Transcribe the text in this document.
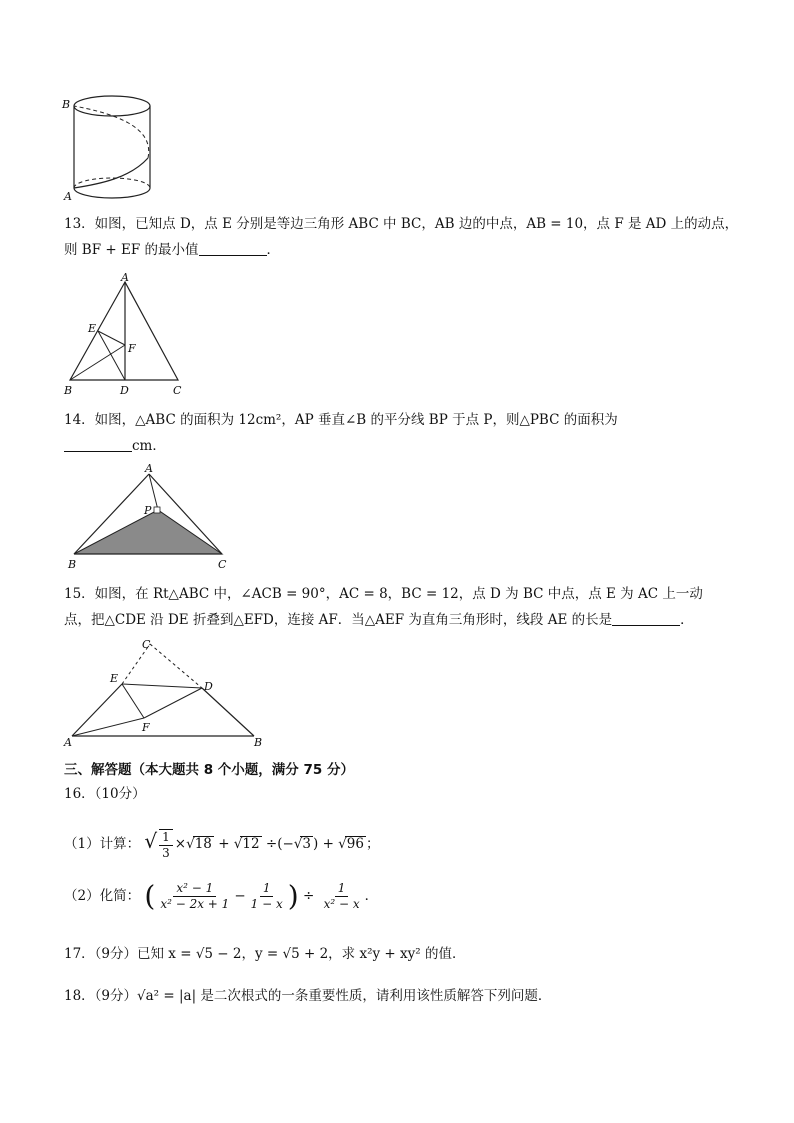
B
A
13．如图，已知点 D，点 E 分别是等边三角形 ABC 中 BC，AB 边的中点，AB = 10，点 F 是 AD 上的动点，
则 BF + EF 的最小值	．
A
E
F
B	D	C
14．如图，△ABC 的面积为 12cm²，AP 垂直∠B 的平分线 BP 于点 P，则△PBC 的面积为
cm．
A
P
B	C
15．如图，在 Rt△ABC 中，∠ACB = 90°，AC = 8，BC = 12，点 D 为 BC 中点，点 E 为 AC 上一动
点，把△CDE 沿 DE 折叠到△EFD，连接 AF．当△AEF 为直角三角形时，线段 AE 的长是	．
C
E
D
F
A	B
三、解答题（本大题共 8 个小题，满分 75 分）
16．（10分）
（1）计算： √ $\frac{1}{3} \times√18 + √12 \div(-√3$ ) + √96 ；
（2）化简： ( $\frac{\text{x² − 1}}{\text{x² − 2x + 1}} - \frac{1}{1 - x}$ ) ÷ $\frac{1}{\text{x² − x}}$ ．
17．（9分）已知 x = √5 − 2，y = √5 + 2，求 x²y + xy² 的值．
18．（9分）√a² = |a| 是二次根式的一条重要性质，请利用该性质解答下列问题．
